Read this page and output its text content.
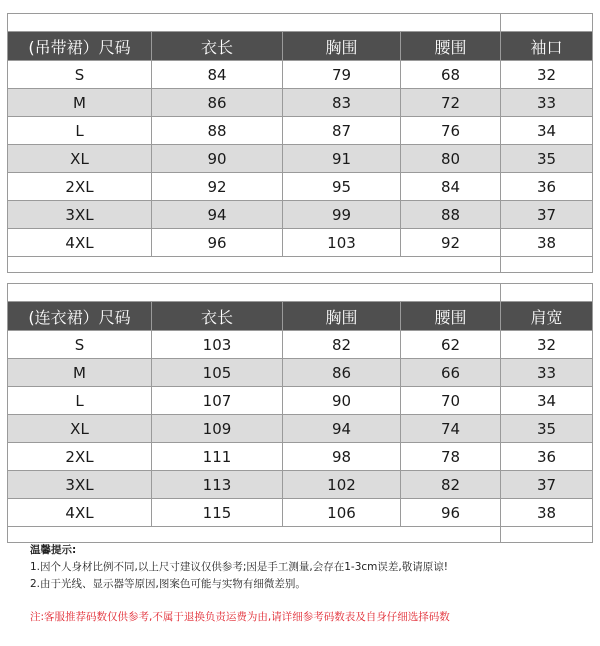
(吊带裙）尺码	衣长	胸围	腰围	袖口
S	84	79	68	32
M	86	83	72	33
L	88	87	76	34
XL	90	91	80	35
2XL	92	95	84	36
3XL	94	99	88	37
4XL	96	103	92	38

(连衣裙）尺码	衣长	胸围	腰围	肩宽
S	103	82	62	32
M	105	86	66	33
L	107	90	70	34
XL	109	94	74	35
2XL	111	98	78	36
3XL	113	102	82	37
4XL	115	106	96	38

温馨提示:
1.因个人身材比例不同,以上尺寸建议仅供参考;因是手工测量,会存在1-3cm误差,敬请原谅!
2.由于光线、显示器等原因,图案色可能与实物有细微差别。
注:客服推荐码数仅供参考,不属于退换负责运费为由,请详细参考码数表及自身仔细选择码数
